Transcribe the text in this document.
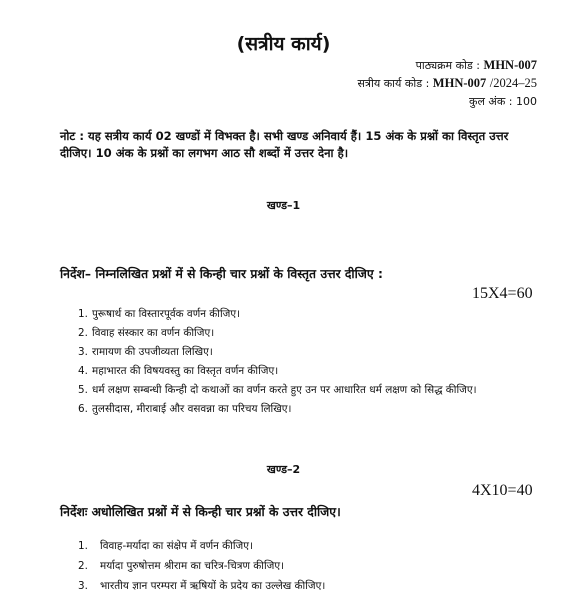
(सत्रीय कार्य)
पाठ्यक्रम कोड : MHN-007
सत्रीय कार्य कोड : MHN-007 /2024–25
कुल अंक : 100
नोट : यह सत्रीय कार्य 02 खण्डों में विभक्त है। सभी खण्ड अनिवार्य हैं। 15 अंक के प्रश्नों का विस्तृत उत्तर दीजिए। 10 अंक के प्रश्नों का लगभग आठ सौ शब्दों में उत्तर देना है।
खण्ड–1
निर्देश– निम्नलिखित प्रश्नों में से किन्ही चार प्रश्नों के विस्तृत उत्तर दीजिए :
15X4=60
1. पुरूषार्थ का विस्तारपूर्वक वर्णन कीजिए।
2. विवाह संस्कार का वर्णन कीजिए।
3. रामायण की उपजीव्यता लिखिए।
4. महाभारत की विषयवस्तु का विस्तृत वर्णन कीजिए।
5. धर्म लक्षण सम्बन्धी किन्ही दो कथाओं का वर्णन करते हुए उन पर आधारित धर्म लक्षण को सिद्ध कीजिए।
6. तुलसीदास, मीराबाई और वसवन्ना का परिचय लिखिए।
खण्ड–2
4X10=40
निर्देशः अधोलिखित प्रश्नों में से किन्ही चार प्रश्नों के उत्तर दीजिए।
1. विवाह-मर्यादा का संक्षेप में वर्णन कीजिए।
2. मर्यादा पुरुषोत्तम श्रीराम का चरित्र-चित्रण कीजिए।
3. भारतीय ज्ञान परम्परा में ऋषियों के प्रदेय का उल्लेख कीजिए।
